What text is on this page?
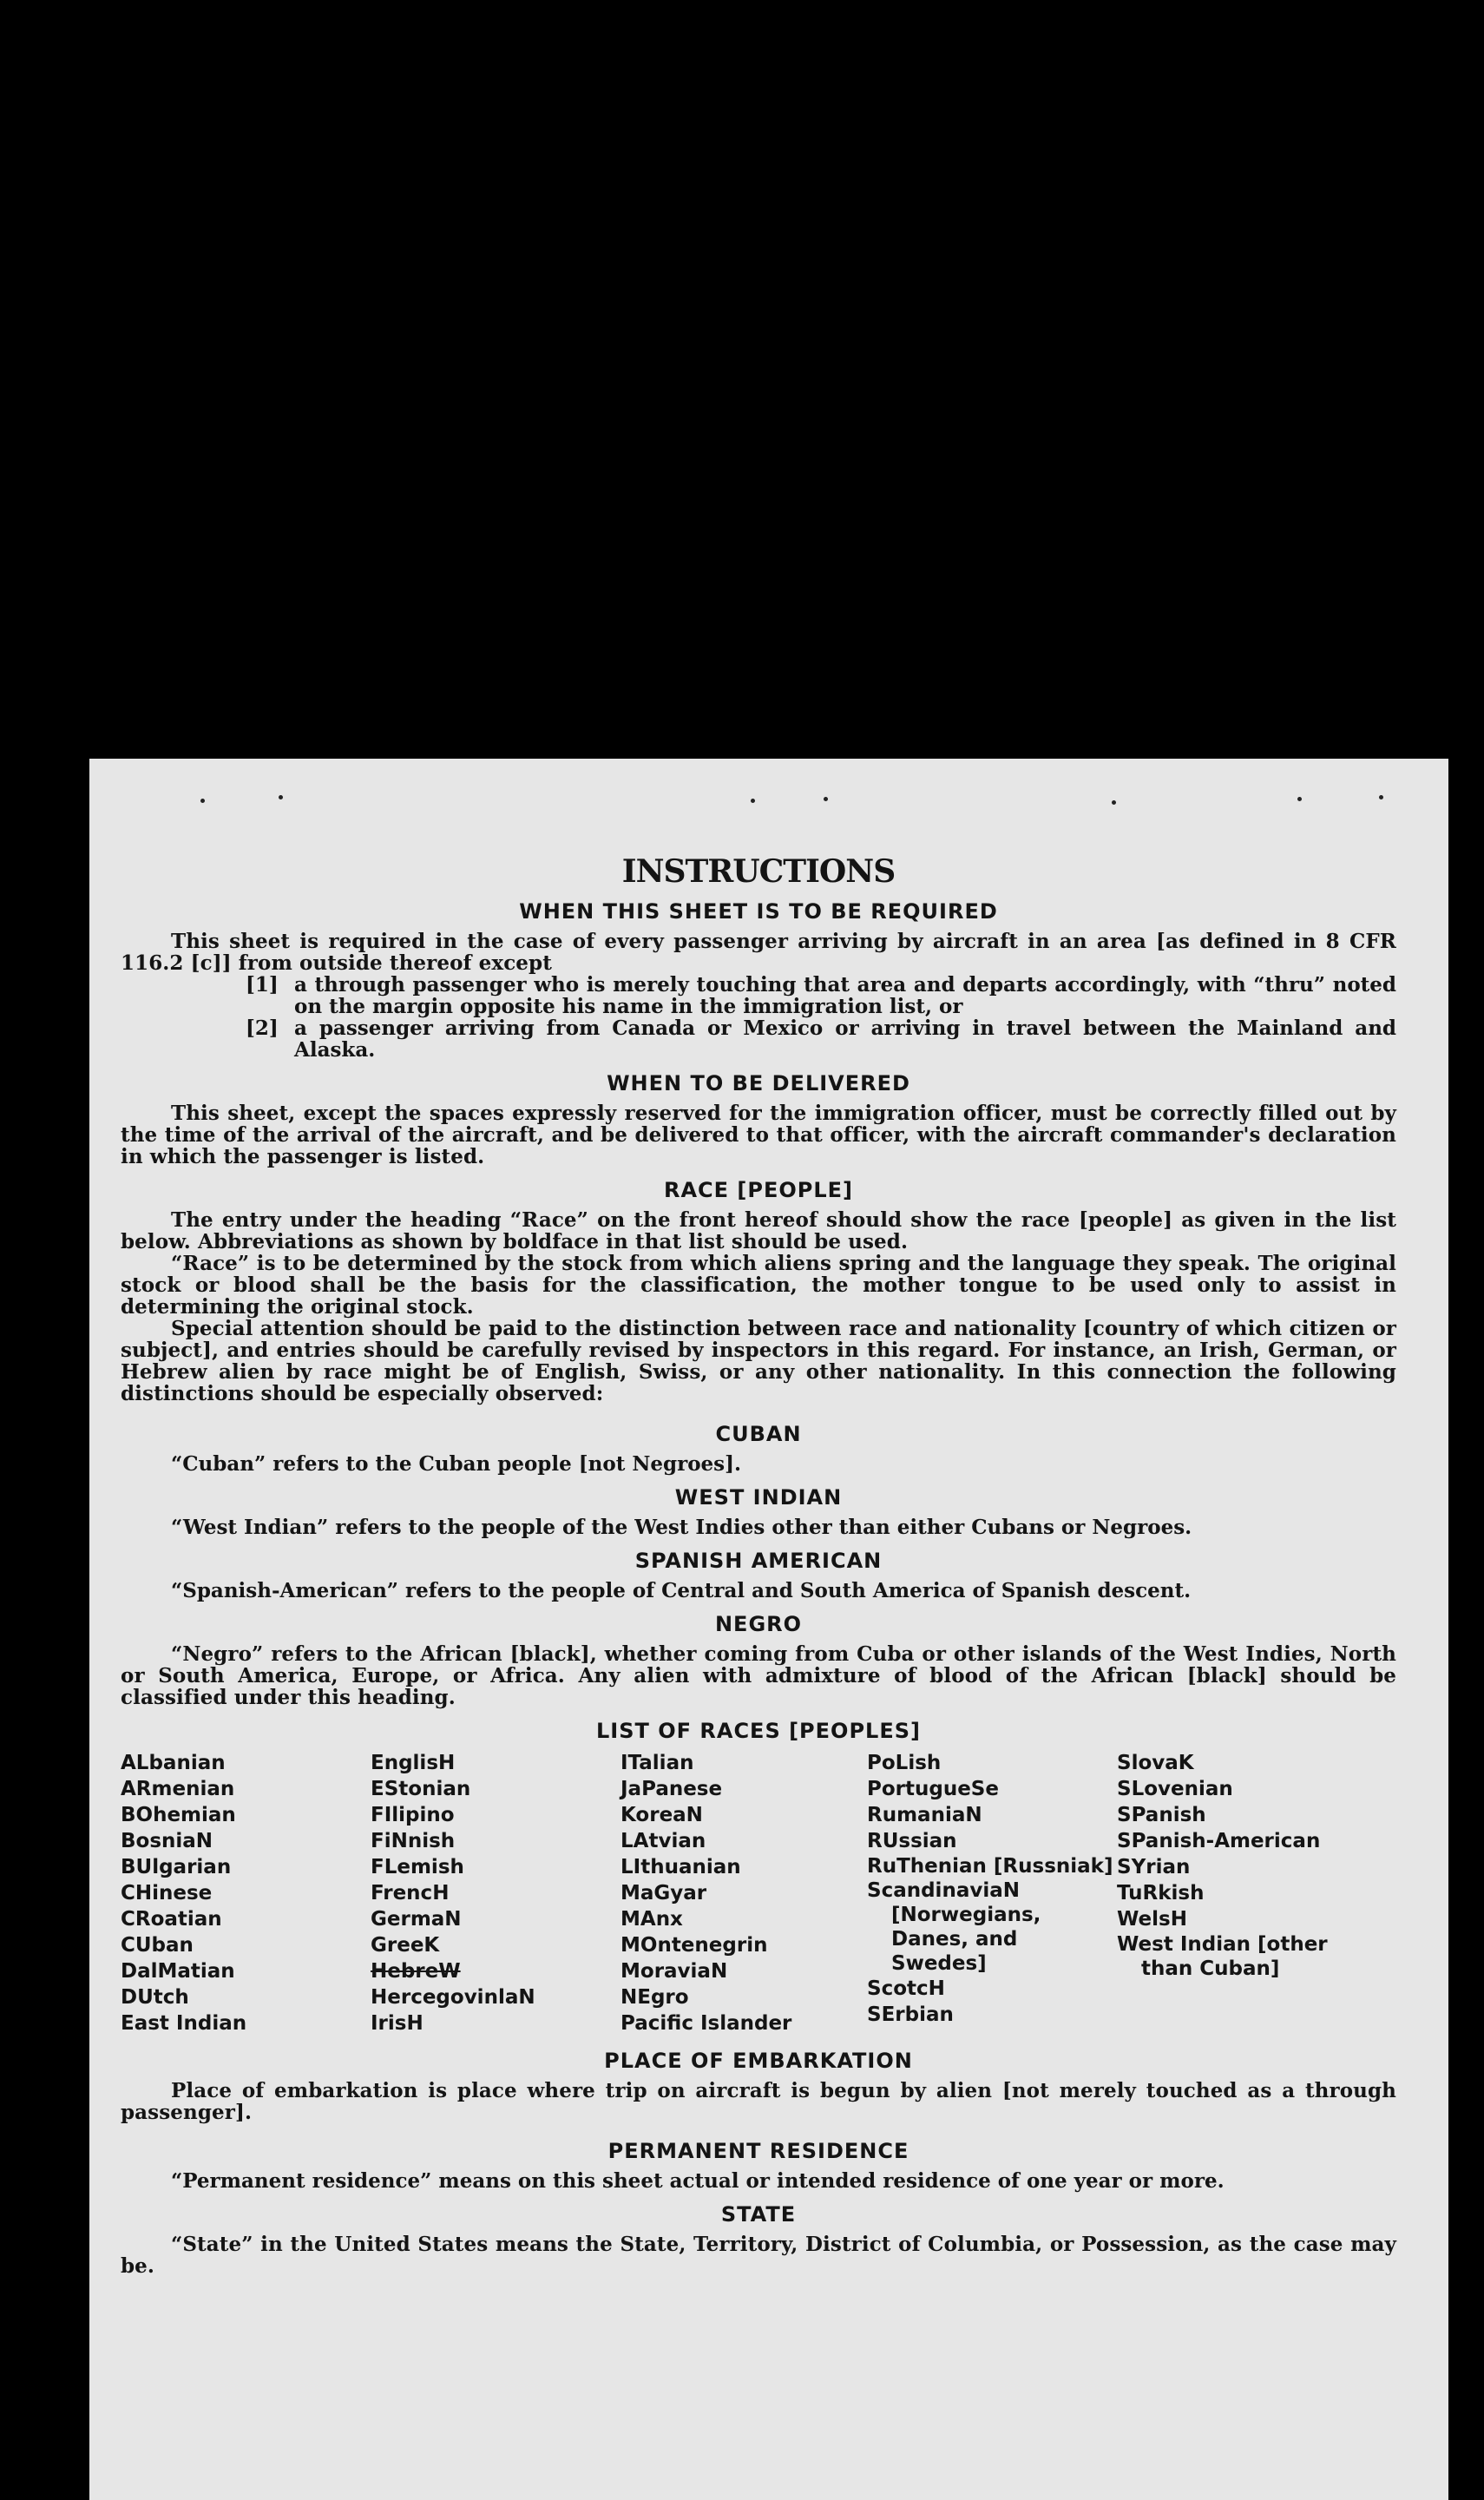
INSTRUCTIONS
WHEN THIS SHEET IS TO BE REQUIRED

This sheet is required in the case of every passenger arriving by aircraft in an area [as defined in 8 CFR 116.2 [c]] from outside thereof except

[1] a through passenger who is merely touching that area and departs accordingly, with “thru” noted on the margin opposite his name in the immigration list, or

[2] a passenger arriving from Canada or Mexico or arriving in travel between the Mainland and Alaska.

WHEN TO BE DELIVERED

This sheet, except the spaces expressly reserved for the immigration officer, must be correctly filled out by the time of the arrival of the aircraft, and be delivered to that officer, with the aircraft commander's declaration in which the passenger is listed.

RACE [PEOPLE]

The entry under the heading “Race” on the front hereof should show the race [people] as given in the list below. Abbreviations as shown by boldface in that list should be used.

“Race” is to be determined by the stock from which aliens spring and the language they speak. The original stock or blood shall be the basis for the classification, the mother tongue to be used only to assist in determining the original stock.

Special attention should be paid to the distinction between race and nationality [country of which citizen or subject], and entries should be carefully revised by inspectors in this regard. For instance, an Irish, German, or Hebrew alien by race might be of English, Swiss, or any other nationality. In this connection the following distinctions should be especially observed:

CUBAN

“Cuban” refers to the Cuban people [not Negroes].

WEST INDIAN

“West Indian” refers to the people of the West Indies other than either Cubans or Negroes.

SPANISH AMERICAN

“Spanish-American” refers to the people of Central and South America of Spanish descent.

NEGRO

“Negro” refers to the African [black], whether coming from Cuba or other islands of the West Indies, North or South America, Europe, or Africa. Any alien with admixture of blood of the African [black] should be classified under this heading.

LIST OF RACES [PEOPLES]
ALbanian
ARmenian
BOhemian
BosniaN
BUlgarian
CHinese
CRoatian
CUban
DalMatian
DUtch
East Indian
EnglisH
EStonian
FIlipino
FiNnish
FLemish
FrencH
GermaN
GreeK
HebreW
HercegovinlaN
IrisH
ITalian
JaPanese
KoreaN
LAtvian
LIthuanian
MaGyar
MAnx
MOntenegrin
MoraviaN
NEgro
Pacific Islander
PoLish
PortugueSe
RumaniaN
RUssian
RuThenian [Russniak]
ScandinaviaN [Norwegians, Danes, and Swedes]
ScotcH
SErbian
SlovaK
SLovenian
SPanish
SPanish-American
SYrian
TuRkish
WelsH
West Indian [other than Cuban]
PLACE OF EMBARKATION

Place of embarkation is place where trip on aircraft is begun by alien [not merely touched as a through passenger].

PERMANENT RESIDENCE

“Permanent residence” means on this sheet actual or intended residence of one year or more.

STATE

“State” in the United States means the State, Territory, District of Columbia, or Possession, as the case may be.
